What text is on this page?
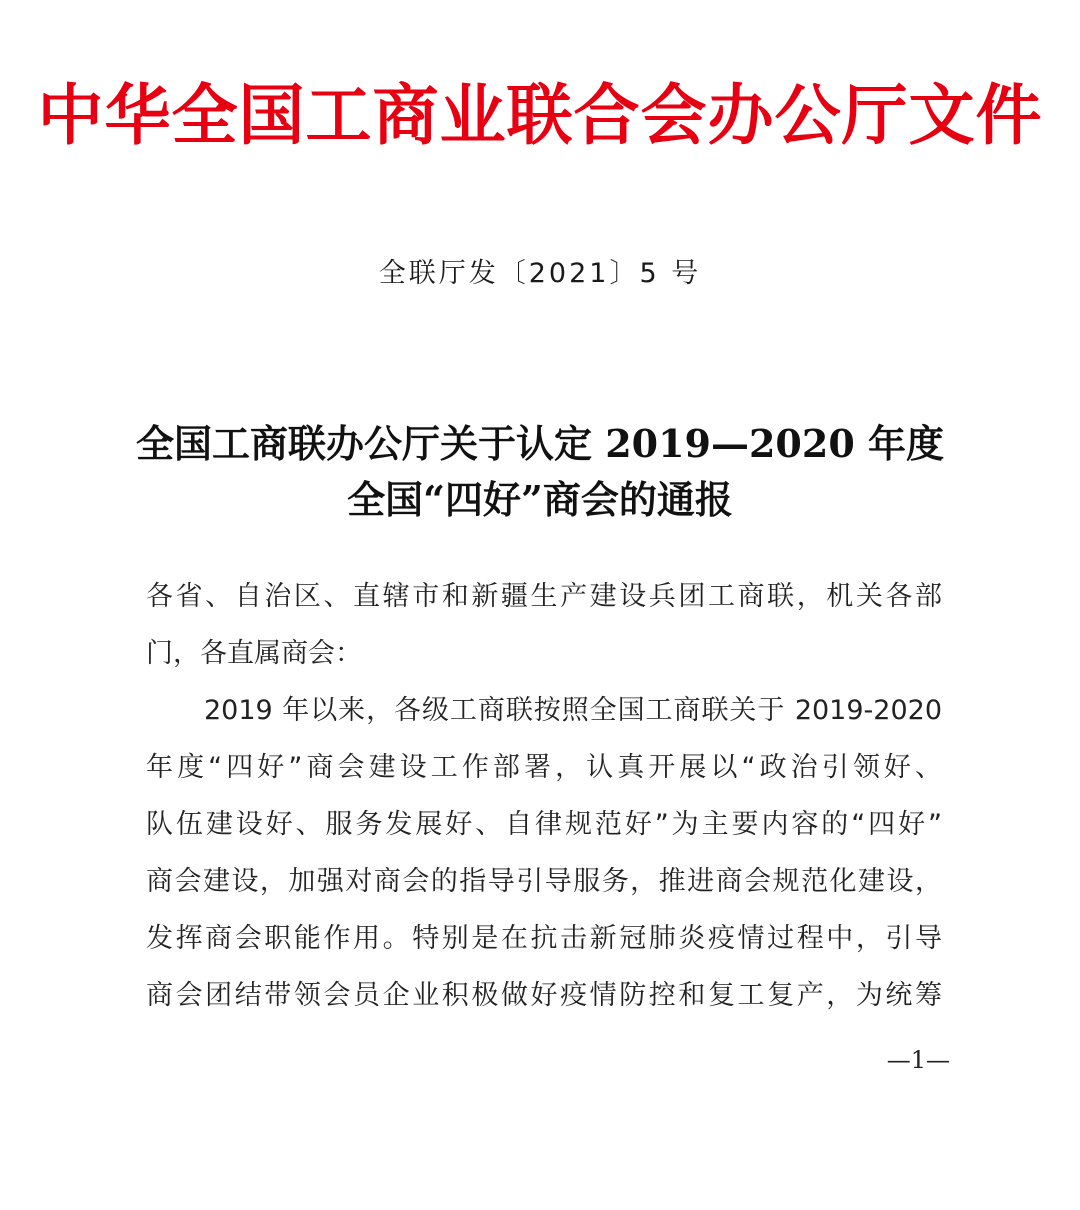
中华全国工商业联合会办公厅文件
全联厅发〔2021〕5 号
全国工商联办公厅关于认定 2019—2020 年度
全国“四好”商会的通报
各省、自治区、直辖市和新疆生产建设兵团工商联，机关各部
门，各直属商会：
2019 年以来，各级工商联按照全国工商联关于 2019-2020
年度“四好”商会建设工作部署，认真开展以“政治引领好、
队伍建设好、服务发展好、自律规范好”为主要内容的“四好”
商会建设，加强对商会的指导引导服务，推进商会规范化建设，
发挥商会职能作用。特别是在抗击新冠肺炎疫情过程中，引导
商会团结带领会员企业积极做好疫情防控和复工复产，为统筹
—1—
